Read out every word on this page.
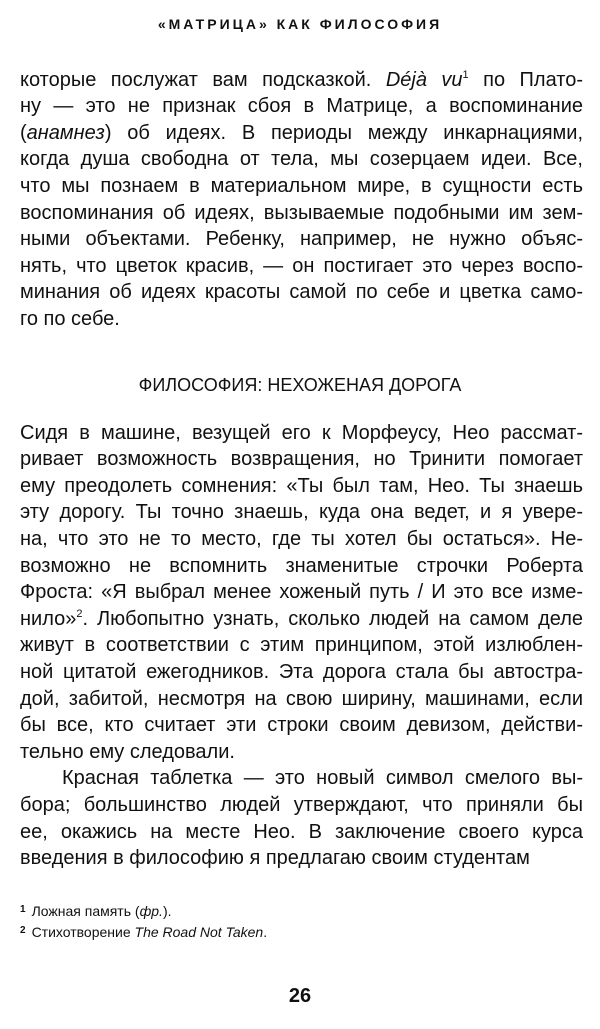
«МАТРИЦА» КАК ФИЛОСОФИЯ
которые послужат вам подсказкой. Déjà $vu^1$ по Плато-
ну — это не признак сбоя в Матрице, а воспоминание
(анамнез) об идеях. В периоды между инкарнациями,
когда душа свободна от тела, мы созерцаем идеи. Все,
что мы познаем в материальном мире, в сущности есть
воспоминания об идеях, вызываемые подобными им зем-
ными объектами. Ребенку, например, не нужно объяс-
нять, что цветок красив, — он постигает это через воспо-
минания об идеях красоты самой по себе и цветка само-
го по себе.
ФИЛОСОФИЯ: НЕХОЖЕНАЯ ДОРОГА
Сидя в машине, везущей его к Морфеусу, Нео рассмат-
ривает возможность возвращения, но Тринити помогает
ему преодолеть сомнения: «Ты был там, Нео. Ты знаешь
эту дорогу. Ты точно знаешь, куда она ведет, и я увере-
на, что это не то место, где ты хотел бы остаться». Не-
возможно не вспомнить знаменитые строчки Роберта
Фроста: «Я выбрал менее хоженый путь / И это все изме-
нило»$^2$. Любопытно узнать, сколько людей на самом деле
живут в соответствии с этим принципом, этой излюблен-
ной цитатой ежегодников. Эта дорога стала бы автостра-
дой, забитой, несмотря на свою ширину, машинами, если
бы все, кто считает эти строки своим девизом, действи-
тельно ему следовали.
Красная таблетка — это новый символ смелого вы-
бора; большинство людей утверждают, что приняли бы
ее, окажись на месте Нео. В заключение своего курса
введения в философию я предлагаю своим студентам
$^1$ Ложная память (фр.).
$^2$ Стихотворение The Road Not Taken.
26
